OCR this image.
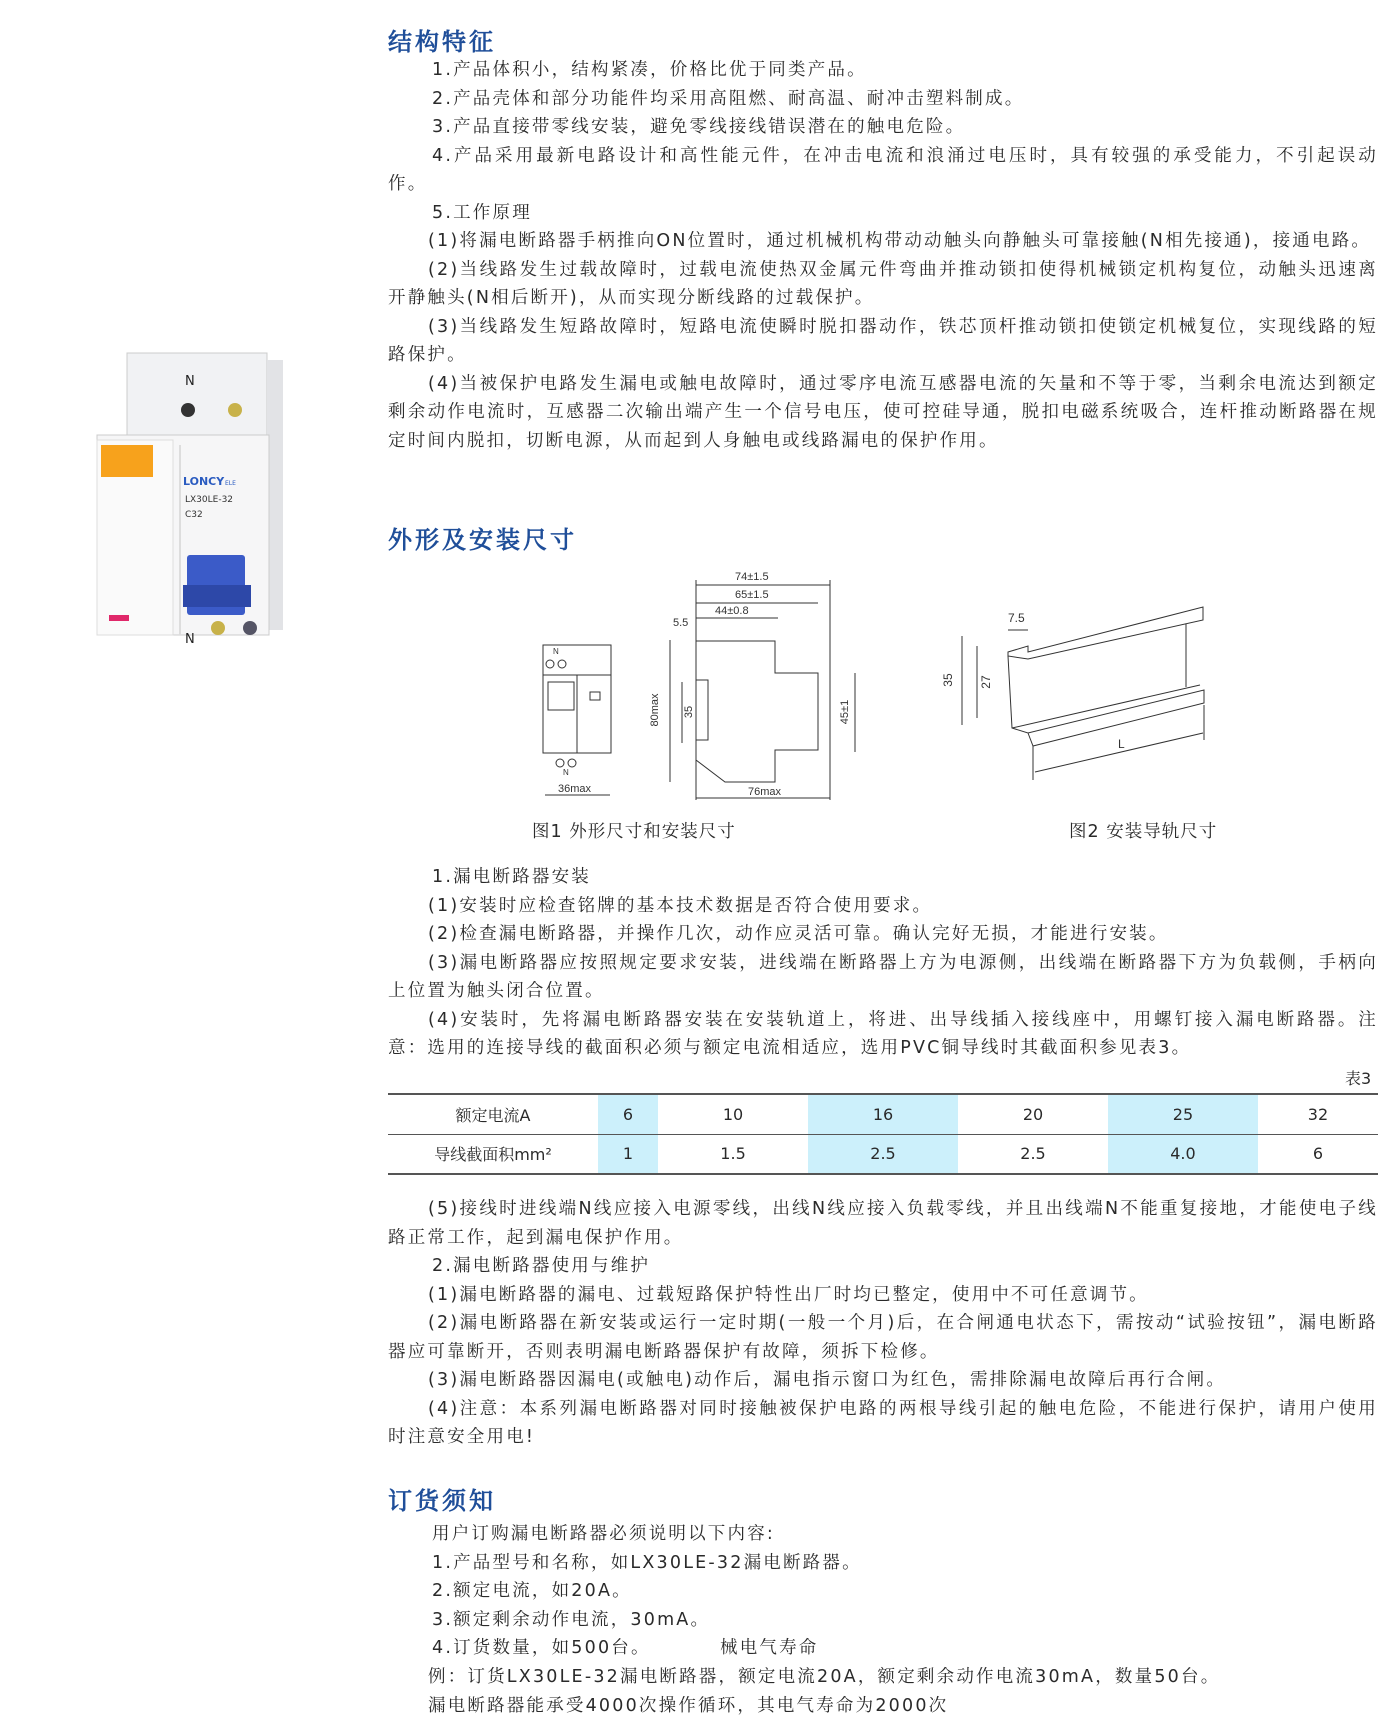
结构特征

1.产品体积小，结构紧凑，价格比优于同类产品。

2.产品壳体和部分功能件均采用高阻燃、耐高温、耐冲击塑料制成。

3.产品直接带零线安装，避免零线接线错误潜在的触电危险。

4.产品采用最新电路设计和高性能元件，在冲击电流和浪涌过电压时，具有较强的承受能力，不引起误动作。

5.工作原理

(1)将漏电断路器手柄推向ON位置时，通过机械机构带动动触头向静触头可靠接触(N相先接通)，接通电路。

(2)当线路发生过载故障时，过载电流使热双金属元件弯曲并推动锁扣使得机械锁定机构复位，动触头迅速离开静触头(N相后断开)，从而实现分断线路的过载保护。

(3)当线路发生短路故障时，短路电流使瞬时脱扣器动作，铁芯顶杆推动锁扣使锁定机械复位，实现线路的短路保护。

(4)当被保护电路发生漏电或触电故障时，通过零序电流互感器电流的矢量和不等于零，当剩余电流达到额定剩余动作电流时，互感器二次输出端产生一个信号电压，使可控硅导通，脱扣电磁系统吸合，连杆推动断路器在规定时间内脱扣，切断电源，从而起到人身触电或线路漏电的保护作用。

N
N
LONCY ELE
LX30LE-32
C32
外形及安装尺寸
74±1.5
65±1.5
44±0.8
5.5
80max 35	45±1
76max
36max
N
N
7.5
35 27
L
图1 外形尺寸和安装尺寸	图2 安装导轨尺寸

1.漏电断路器安装

(1)安装时应检查铭牌的基本技术数据是否符合使用要求。

(2)检查漏电断路器，并操作几次，动作应灵活可靠。确认完好无损，才能进行安装。

(3)漏电断路器应按照规定要求安装，进线端在断路器上方为电源侧，出线端在断路器下方为负载侧，手柄向上位置为触头闭合位置。

(4)安装时，先将漏电断路器安装在安装轨道上，将进、出导线插入接线座中，用螺钉接入漏电断路器。注意：选用的连接导线的截面积必须与额定电流相适应，选用PVC铜导线时其截面积参见表3。

表3
额定电流A	6	10	16	20	25	32
导线截面积mm²	1	1.5	2.5	2.5	4.0	6

(5)接线时进线端N线应接入电源零线，出线N线应接入负载零线，并且出线端N不能重复接地，才能使电子线路正常工作，起到漏电保护作用。

2.漏电断路器使用与维护

(1)漏电断路器的漏电、过载短路保护特性出厂时均已整定，使用中不可任意调节。

(2)漏电断路器在新安装或运行一定时期(一般一个月)后，在合闸通电状态下，需按动“试验按钮”，漏电断路器应可靠断开，否则表明漏电断路器保护有故障，须拆下检修。

(3)漏电断路器因漏电(或触电)动作后，漏电指示窗口为红色，需排除漏电故障后再行合闸。

(4)注意：本系列漏电断路器对同时接触被保护电路的两根导线引起的触电危险，不能进行保护，请用户使用时注意安全用电!

订货须知

用户订购漏电断路器必须说明以下内容:

1.产品型号和名称，如LX30LE-32漏电断路器。

2.额定电流，如20A。

3.额定剩余动作电流，30mA。

4.订货数量，如500台。	械电气寿命
例：订货LX30LE-32漏电断路器，额定电流20A，额定剩余动作电流30mA，数量50台。
漏电断路器能承受4000次操作循环，其电气寿命为2000次
